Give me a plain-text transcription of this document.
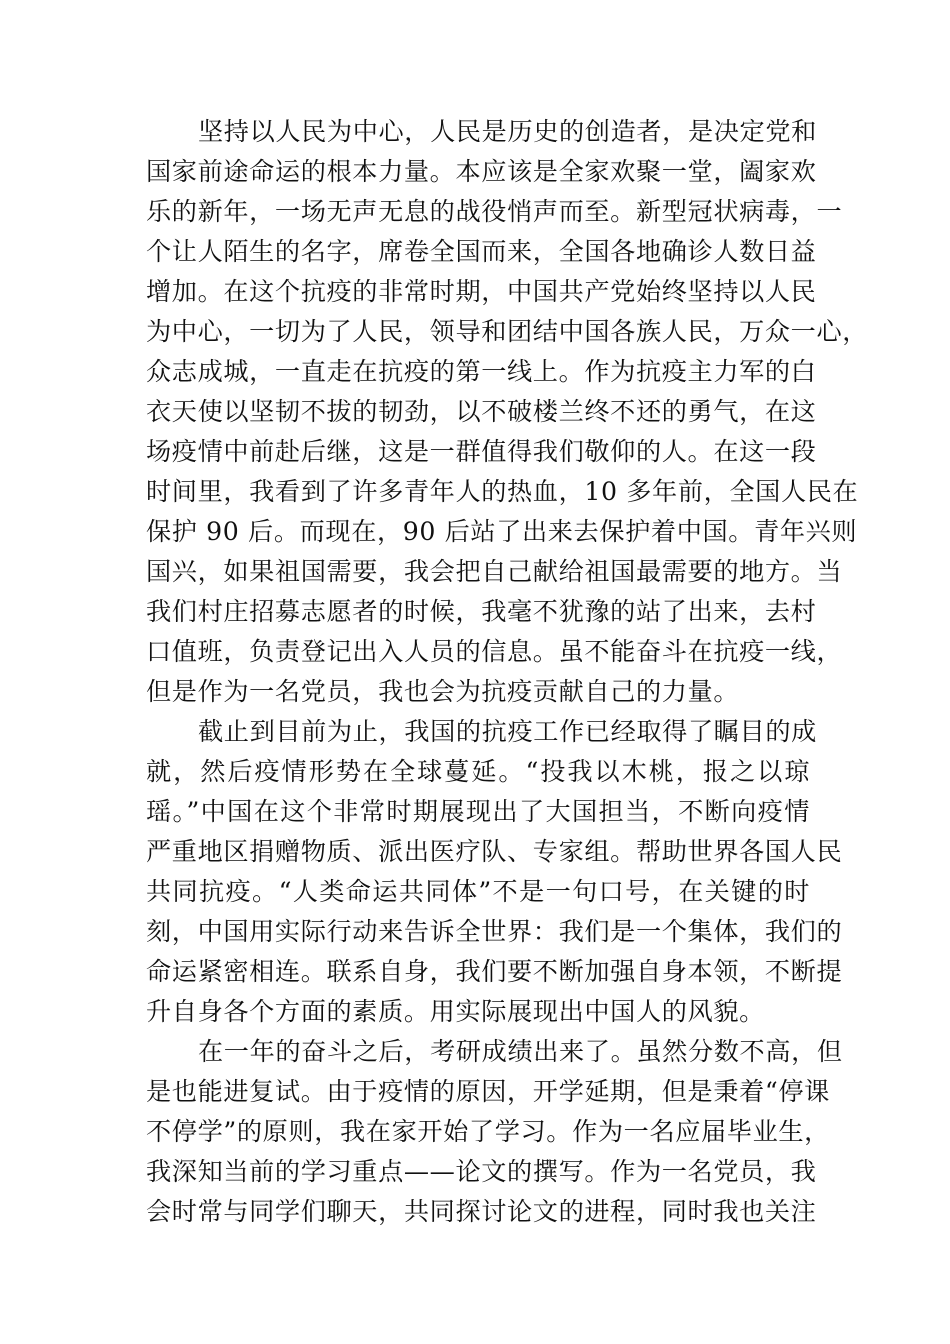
坚持以人民为中心，人民是历史的创造者，是决定党和
国家前途命运的根本力量。本应该是全家欢聚一堂，阖家欢
乐的新年，一场无声无息的战役悄声而至。新型冠状病毒，一
个让人陌生的名字，席卷全国而来，全国各地确诊人数日益
增加。在这个抗疫的非常时期，中国共产党始终坚持以人民
为中心，一切为了人民，领导和团结中国各族人民，万众一心，
众志成城，一直走在抗疫的第一线上。作为抗疫主力军的白
衣天使以坚韧不拔的韧劲，以不破楼兰终不还的勇气，在这
场疫情中前赴后继，这是一群值得我们敬仰的人。在这一段
时间里，我看到了许多青年人的热血，10 多年前，全国人民在
保护 90 后。而现在，90 后站了出来去保护着中国。青年兴则
国兴，如果祖国需要，我会把自己献给祖国最需要的地方。当
我们村庄招募志愿者的时候，我毫不犹豫的站了出来，去村
口值班，负责登记出入人员的信息。虽不能奋斗在抗疫一线，
但是作为一名党员，我也会为抗疫贡献自己的力量。
截止到目前为止，我国的抗疫工作已经取得了瞩目的成
就，然后疫情形势在全球蔓延。“投我以木桃，报之以琼
瑶。”中国在这个非常时期展现出了大国担当，不断向疫情
严重地区捐赠物质、派出医疗队、专家组。帮助世界各国人民
共同抗疫。“人类命运共同体”不是一句口号，在关键的时
刻，中国用实际行动来告诉全世界：我们是一个集体，我们的
命运紧密相连。联系自身，我们要不断加强自身本领，不断提
升自身各个方面的素质。用实际展现出中国人的风貌。
在一年的奋斗之后，考研成绩出来了。虽然分数不高，但
是也能进复试。由于疫情的原因，开学延期，但是秉着“停课
不停学”的原则，我在家开始了学习。作为一名应届毕业生，
我深知当前的学习重点——论文的撰写。作为一名党员，我
会时常与同学们聊天，共同探讨论文的进程，同时我也关注
